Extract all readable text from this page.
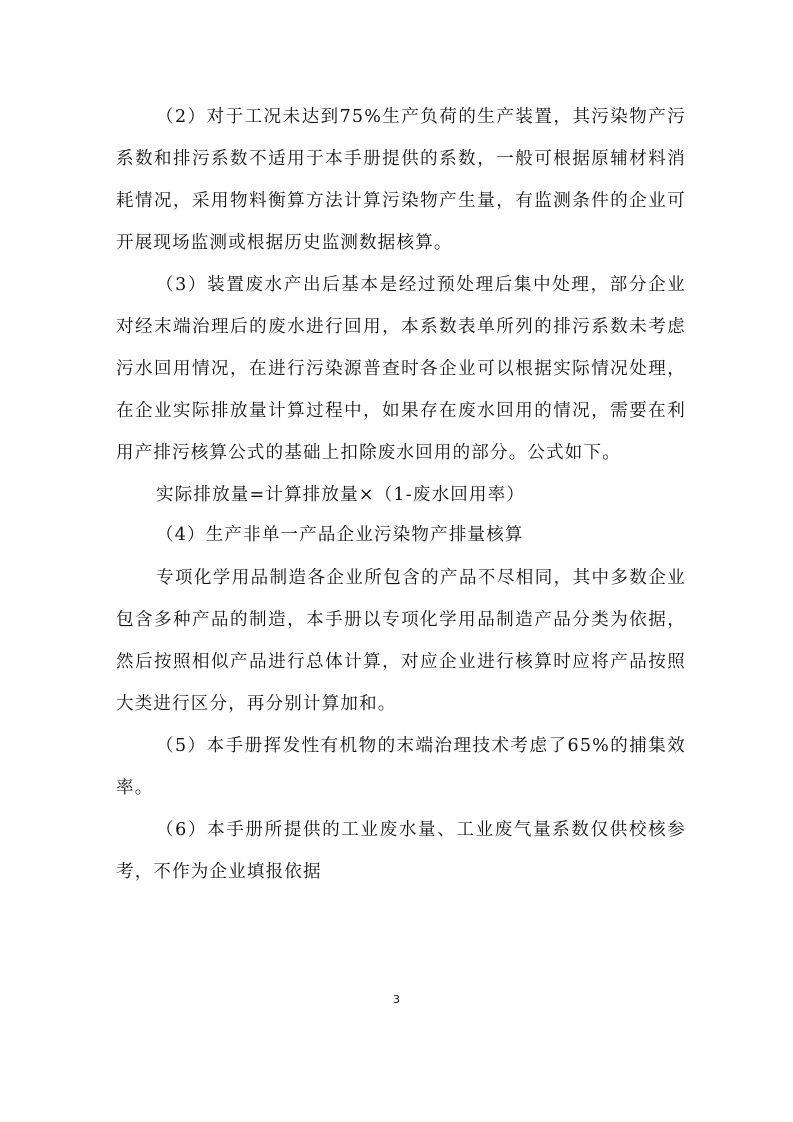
（2）对于工况未达到75%生产负荷的生产装置，其污染物产污
系数和排污系数不适用于本手册提供的系数，一般可根据原辅材料消
耗情况，采用物料衡算方法计算污染物产生量，有监测条件的企业可
开展现场监测或根据历史监测数据核算。
（3）装置废水产出后基本是经过预处理后集中处理，部分企业
对经末端治理后的废水进行回用，本系数表单所列的排污系数未考虑
污水回用情况，在进行污染源普查时各企业可以根据实际情况处理，
在企业实际排放量计算过程中，如果存在废水回用的情况，需要在利
用产排污核算公式的基础上扣除废水回用的部分。公式如下。
实际排放量=计算排放量×（1-废水回用率）
（4）生产非单一产品企业污染物产排量核算
专项化学用品制造各企业所包含的产品不尽相同，其中多数企业
包含多种产品的制造，本手册以专项化学用品制造产品分类为依据，
然后按照相似产品进行总体计算，对应企业进行核算时应将产品按照
大类进行区分，再分别计算加和。
（5）本手册挥发性有机物的末端治理技术考虑了65%的捕集效
率。
（6）本手册所提供的工业废水量、工业废气量系数仅供校核参
考，不作为企业填报依据
3
